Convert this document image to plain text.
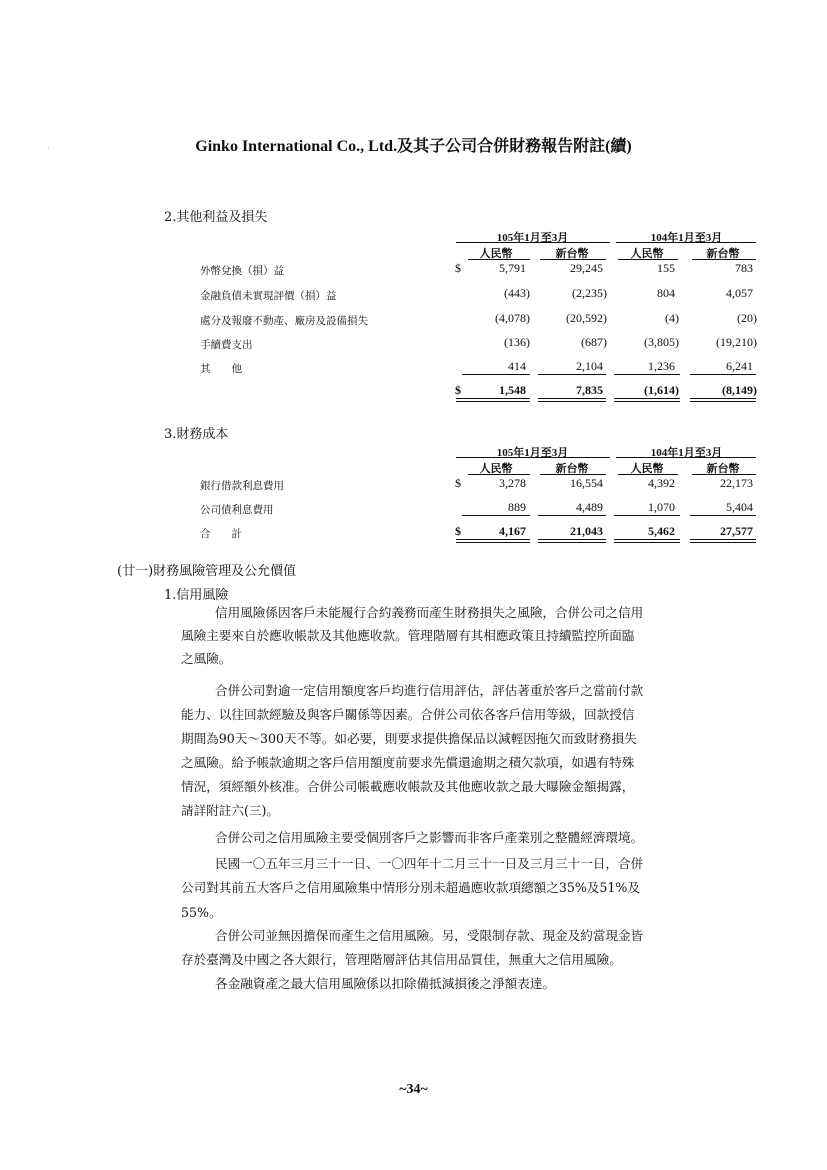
Ginko International Co., Ltd.及其子公司合併財務報告附註(續)
2.其他利益及損失
105年1月至3月	104年1月至3月
人民幣	新台幣	人民幣	新台幣
$
外幣兌換（損）益	5,791	29,245	155	783
金融負債未實現評價（損）益	(443)	(2,235)	804	4,057
處分及報廢不動產、廠房及設備損失	(4,078)	(20,592)	(4)	(20)
手續費支出	(136)	(687)	(3,805)	(19,210)
其　　他	414	2,104	1,236	6,241
$	1,548	7,835	(1,614)	(8,149)
3.財務成本
105年1月至3月	104年1月至3月
人民幣	新台幣	人民幣	新台幣
$
銀行借款利息費用	3,278	16,554	4,392	22,173
公司債利息費用	889	4,489	1,070	5,404
合　　計	$	4,167	21,043	5,462	27,577
(廿一)財務風險管理及公允價值
1.信用風險
信用風險係因客戶未能履行合約義務而產生財務損失之風險，合併公司之信用
風險主要來自於應收帳款及其他應收款。管理階層有其相應政策且持續監控所面臨
之風險。
合併公司對逾一定信用額度客戶均進行信用評估，評估著重於客戶之當前付款
能力、以往回款經驗及與客戶關係等因素。合併公司依各客戶信用等級，回款授信
期間為90天～300天不等。如必要，則要求提供擔保品以減輕因拖欠而致財務損失
之風險。給予帳款逾期之客戶信用額度前要求先償還逾期之積欠款項，如遇有特殊
情況，須經額外核准。合併公司帳載應收帳款及其他應收款之最大曝險金額揭露，
請詳附註六(三)。
合併公司之信用風險主要受個別客戶之影響而非客戶產業別之整體經濟環境。
民國一〇五年三月三十一日、一〇四年十二月三十一日及三月三十一日，合併
公司對其前五大客戶之信用風險集中情形分別未超過應收款項總額之35%及51%及
55%。
合併公司並無因擔保而產生之信用風險。另，受限制存款、現金及約當現金皆
存於臺灣及中國之各大銀行，管理階層評估其信用品質佳，無重大之信用風險。
各金融資產之最大信用風險係以扣除備抵減損後之淨額表達。
~34~
